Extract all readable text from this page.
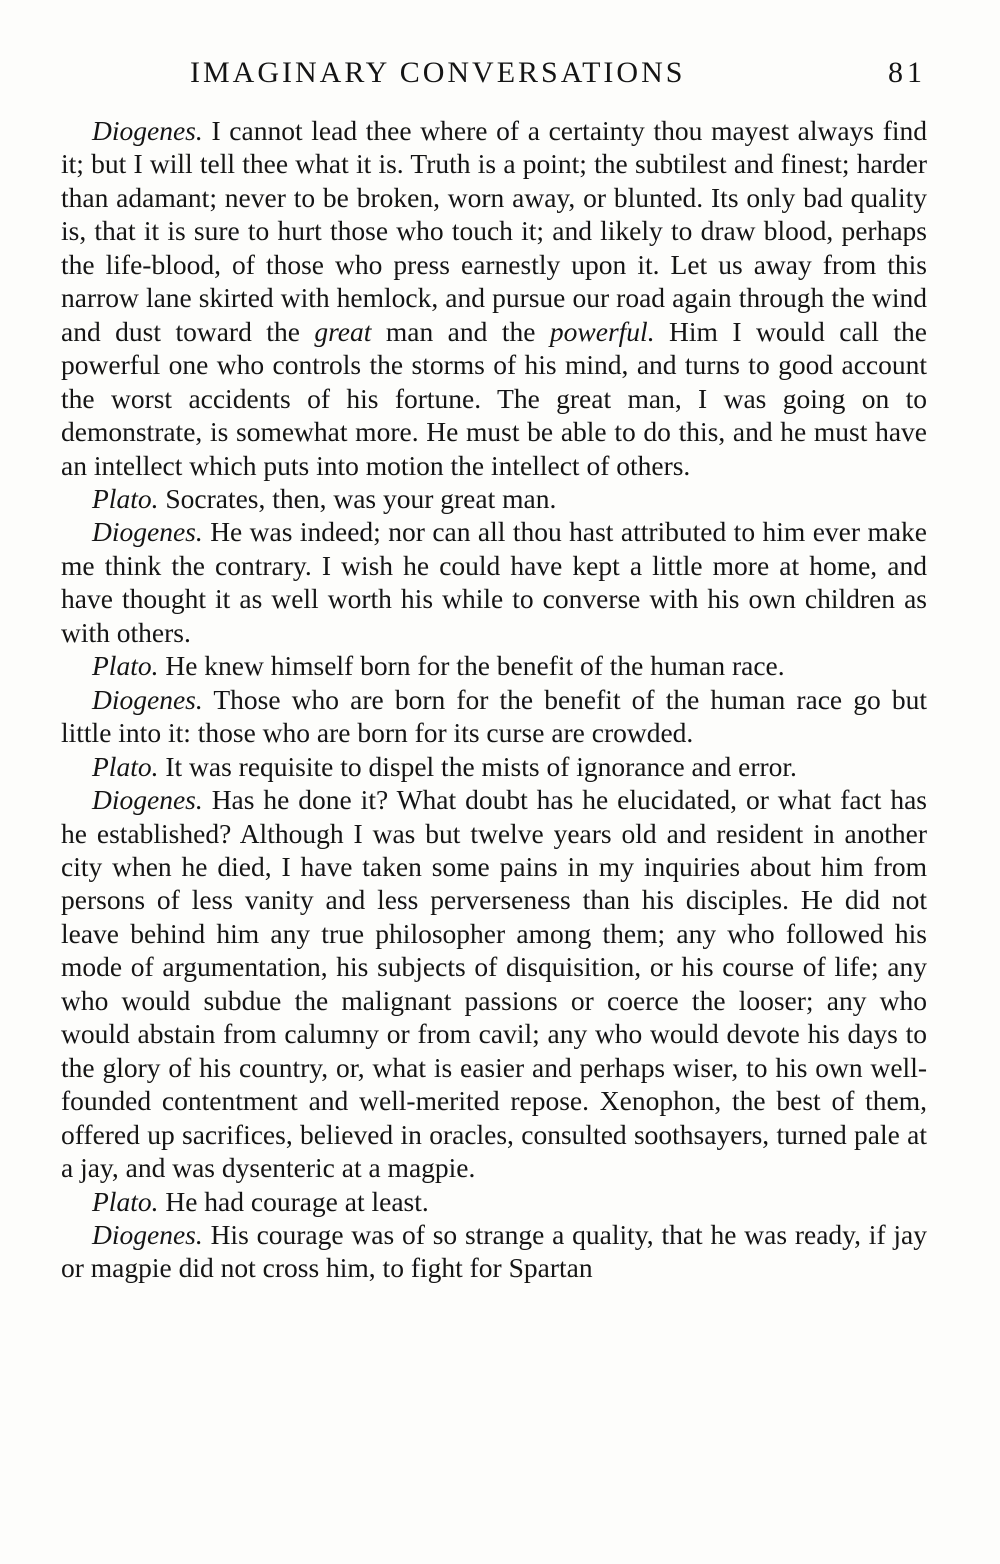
IMAGINARY CONVERSATIONS	81

Diogenes. I cannot lead thee where of a certainty thou mayest always find it; but I will tell thee what it is. Truth is a point; the subtilest and finest; harder than adamant; never to be broken, worn away, or blunted. Its only bad quality is, that it is sure to hurt those who touch it; and likely to draw blood, perhaps the life-blood, of those who press earnestly upon it. Let us away from this narrow lane skirted with hemlock, and pursue our road again through the wind and dust toward the great man and the powerful. Him I would call the powerful one who controls the storms of his mind, and turns to good account the worst accidents of his fortune. The great man, I was going on to demonstrate, is somewhat more. He must be able to do this, and he must have an intellect which puts into motion the intellect of others.

Plato. Socrates, then, was your great man.

Diogenes. He was indeed; nor can all thou hast attributed to him ever make me think the contrary. I wish he could have kept a little more at home, and have thought it as well worth his while to converse with his own children as with others.

Plato. He knew himself born for the benefit of the human race.

Diogenes. Those who are born for the benefit of the human race go but little into it: those who are born for its curse are crowded.

Plato. It was requisite to dispel the mists of ignorance and error.

Diogenes. Has he done it? What doubt has he elucidated, or what fact has he established? Although I was but twelve years old and resident in another city when he died, I have taken some pains in my inquiries about him from persons of less vanity and less perverseness than his disciples. He did not leave behind him any true philosopher among them; any who followed his mode of argumentation, his subjects of disquisition, or his course of life; any who would subdue the malignant passions or coerce the looser; any who would abstain from calumny or from cavil; any who would devote his days to the glory of his country, or, what is easier and perhaps wiser, to his own well-founded contentment and well-merited repose. Xenophon, the best of them, offered up sacrifices, believed in oracles, consulted soothsayers, turned pale at a jay, and was dysenteric at a magpie.

Plato. He had courage at least.

Diogenes. His courage was of so strange a quality, that he was ready, if jay or magpie did not cross him, to fight for Spartan
